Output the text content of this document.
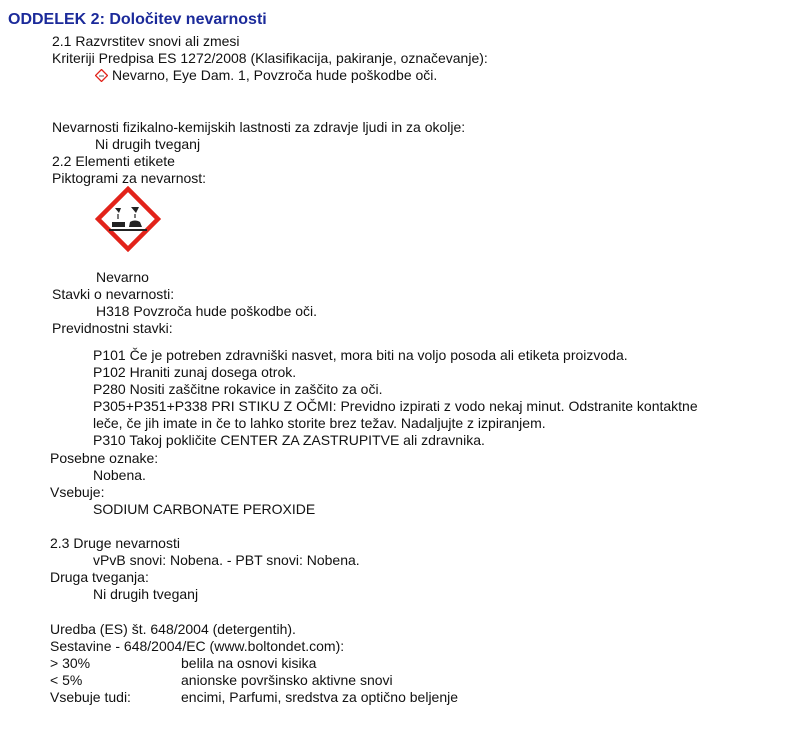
ODDELEK 2: Določitev nevarnosti
2.1 Razvrstitev snovi ali zmesi
Kriteriji Predpisa ES 1272/2008 (Klasifikacija, pakiranje, označevanje):
Nevarno, Eye Dam. 1, Povzroča hude poškodbe oči.
Nevarnosti fizikalno-kemijskih lastnosti za zdravje ljudi in za okolje:
Ni drugih tveganj
2.2 Elementi etikete
Piktogrami za nevarnost:
Nevarno
Stavki o nevarnosti:
H318 Povzroča hude poškodbe oči.
Previdnostni stavki:
P101 Če je potreben zdravniški nasvet, mora biti na voljo posoda ali etiketa proizvoda.
P102 Hraniti zunaj dosega otrok.
P280 Nositi zaščitne rokavice in zaščito za oči.
P305+P351+P338 PRI STIKU Z OČMI: Previdno izpirati z vodo nekaj minut. Odstranite kontaktne
leče, če jih imate in če to lahko storite brez težav. Nadaljujte z izpiranjem.
P310 Takoj pokličite CENTER ZA ZASTRUPITVE ali zdravnika.
Posebne oznake:
Nobena.
Vsebuje:
SODIUM CARBONATE PEROXIDE
2.3 Druge nevarnosti
vPvB snovi: Nobena. - PBT snovi: Nobena.
Druga tveganja:
Ni drugih tveganj
Uredba (ES) št. 648/2004 (detergentih).
Sestavine - 648/2004/EC (www.boltondet.com):
> 30%	belila na osnovi kisika
< 5%	anionske površinsko aktivne snovi
Vsebuje tudi:	encimi, Parfumi, sredstva za optično beljenje
